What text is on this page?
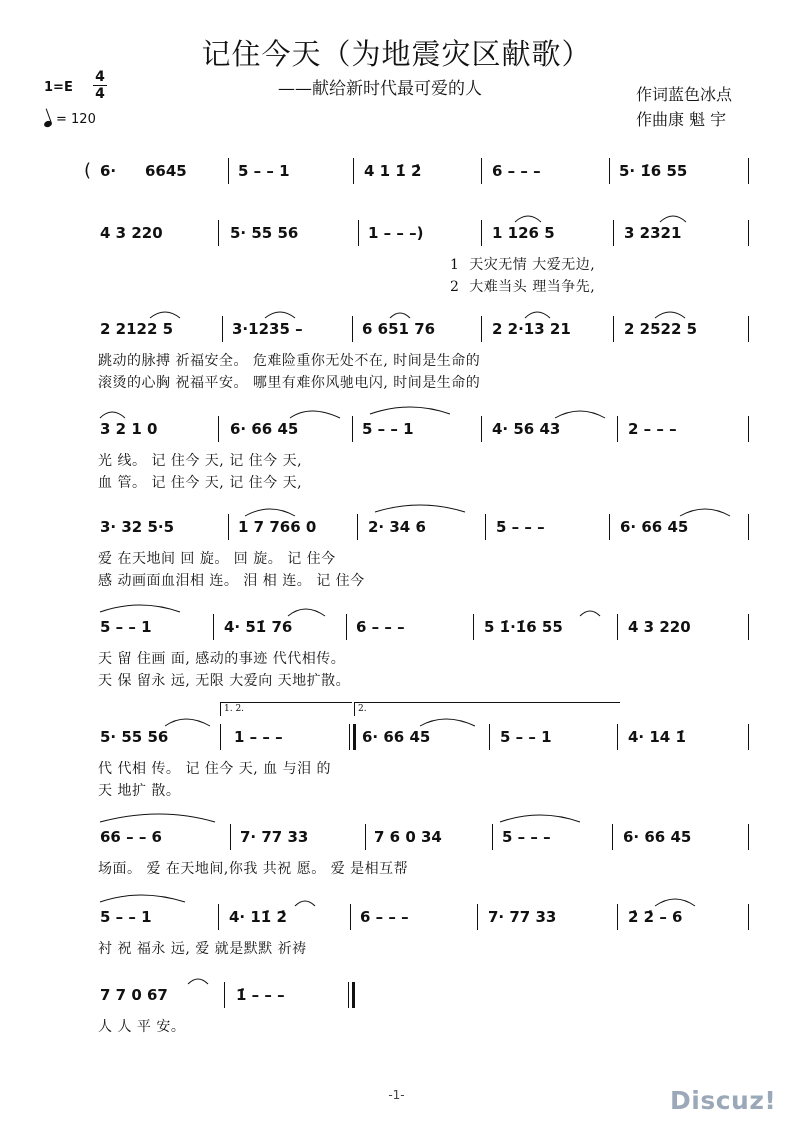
记住今天（为地震灾区献歌）
——献给新时代最可爱的人
1=E
4
4
= 120
作词蓝色冰点
作曲康 魁 宇
( 6· 6645	5 – – 1	4 1 1̇ 2̇	6 – – –	5· 1̇6 55
4 3 220	5· 55 56	1 – – –)	1 126 5	3 2321
1  天灾无情 大爱无边,
2  大难当头 理当争先,
2 2122 5	3·1235 –	6 651 76	2 2·13 21	2 2522 5
跳动的脉搏 祈福安全。 危难险重你无处不在, 时间是生命的
滚烫的心胸 祝福平安。 哪里有难你风驰电闪, 时间是生命的
3 2 1 0	6· 66 45	5 – – 1	4· 56 43	2 – – –
光 线。 记 住今 天, 记 住今 天,
血 管。 记 住今 天, 记 住今 天,
3· 32 5·5	1 7 766 0	2· 34 6	5 – – –	6· 66 45
爱 在天地间 回 旋。 回 旋。 记 住今
感 动画面血泪相 连。 泪 相 连。 记 住今
5 – – 1	4· 51̇ 76	6 – – –	5 1̇·1̇6 55	4 3 220
天 留 住画 面, 感动的事迹 代代相传。
天 保 留永 远, 无限 大爱向 天地扩散。
1. 2.	2.
5· 55 56	1 – – –	6· 66 45	5 – – 1	4· 14 1̇
代 代相 传。 记 住今 天, 血 与泪 的
天 地扩 散。
66 – – 6	7· 77 33	7 6 0 34	5 – – –	6· 66 45
场面。 爱 在天地间,你我 共祝 愿。 爱 是相互帮
5 – – 1	4· 11̇ 2̇	6 – – –	7· 77 33	2̇ 2̇ – 6
衬 祝 福永 远, 爱 就是默默 祈祷
7 7 0 67	1̇ – – –
人 人 平 安。
-1-	Discuz!
